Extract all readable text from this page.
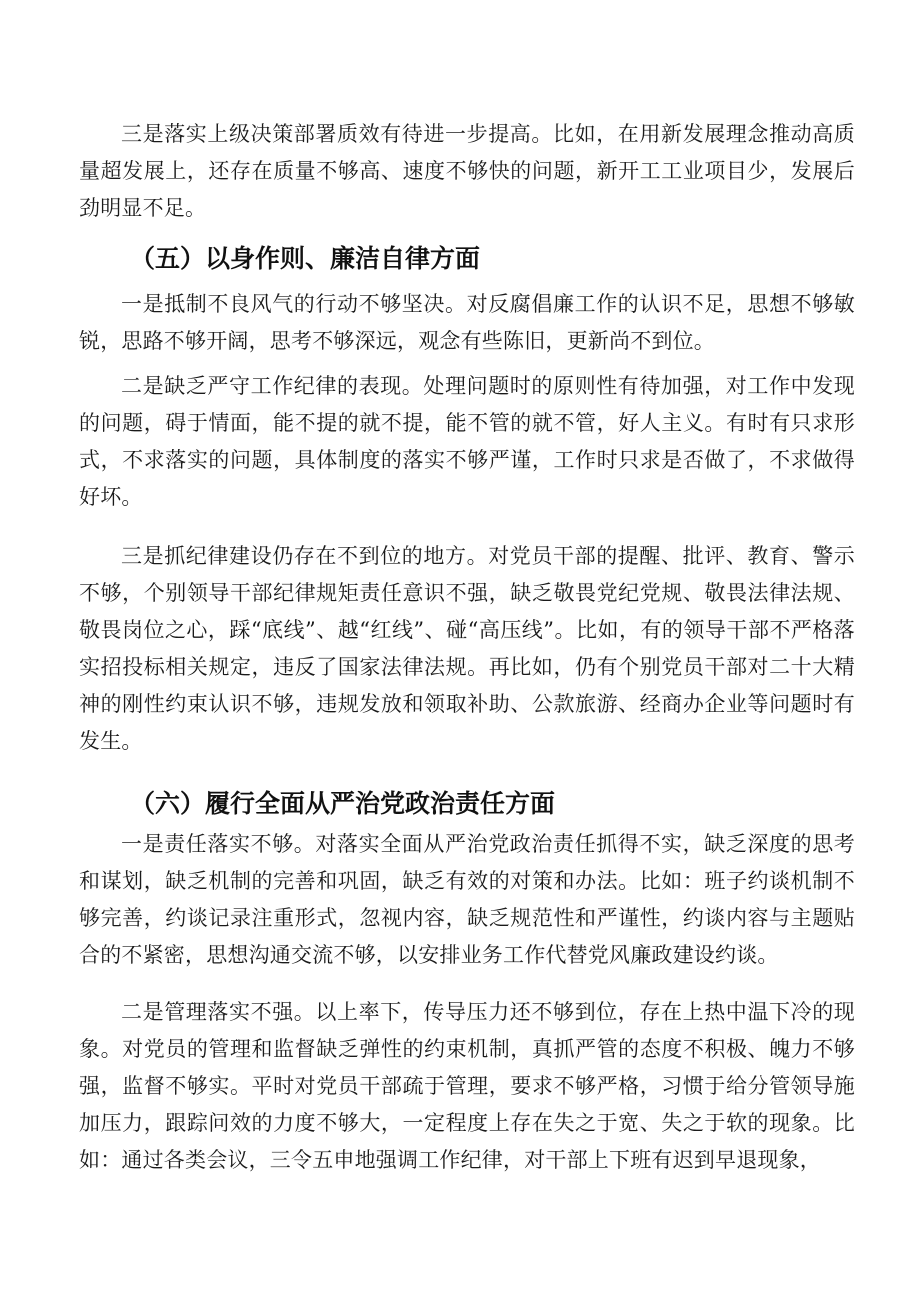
三是落实上级决策部署质效有待进一步提高。比如，在用新发展理念推动高质量超发展上，还存在质量不够高、速度不够快的问题，新开工工业项目少，发展后劲明显不足。

（五）以身作则、廉洁自律方面

一是抵制不良风气的行动不够坚决。对反腐倡廉工作的认识不足，思想不够敏锐，思路不够开阔，思考不够深远，观念有些陈旧，更新尚不到位。

二是缺乏严守工作纪律的表现。处理问题时的原则性有待加强，对工作中发现的问题，碍于情面，能不提的就不提，能不管的就不管，好人主义。有时有只求形式，不求落实的问题，具体制度的落实不够严谨，工作时只求是否做了，不求做得好坏。

三是抓纪律建设仍存在不到位的地方。对党员干部的提醒、批评、教育、警示不够，个别领导干部纪律规矩责任意识不强，缺乏敬畏党纪党规、敬畏法律法规、敬畏岗位之心，踩“底线”、越“红线”、碰“高压线”。比如，有的领导干部不严格落实招投标相关规定，违反了国家法律法规。再比如，仍有个别党员干部对二十大精神的刚性约束认识不够，违规发放和领取补助、公款旅游、经商办企业等问题时有发生。

（六）履行全面从严治党政治责任方面

一是责任落实不够。对落实全面从严治党政治责任抓得不实，缺乏深度的思考和谋划，缺乏机制的完善和巩固，缺乏有效的对策和办法。比如：班子约谈机制不够完善，约谈记录注重形式，忽视内容，缺乏规范性和严谨性，约谈内容与主题贴合的不紧密，思想沟通交流不够，以安排业务工作代替党风廉政建设约谈。

二是管理落实不强。以上率下，传导压力还不够到位，存在上热中温下冷的现象。对党员的管理和监督缺乏弹性的约束机制，真抓严管的态度不积极、魄力不够强，监督不够实。平时对党员干部疏于管理，要求不够严格，习惯于给分管领导施加压力，跟踪问效的力度不够大，一定程度上存在失之于宽、失之于软的现象。比如：通过各类会议，三令五申地强调工作纪律，对干部上下班有迟到早退现象，
